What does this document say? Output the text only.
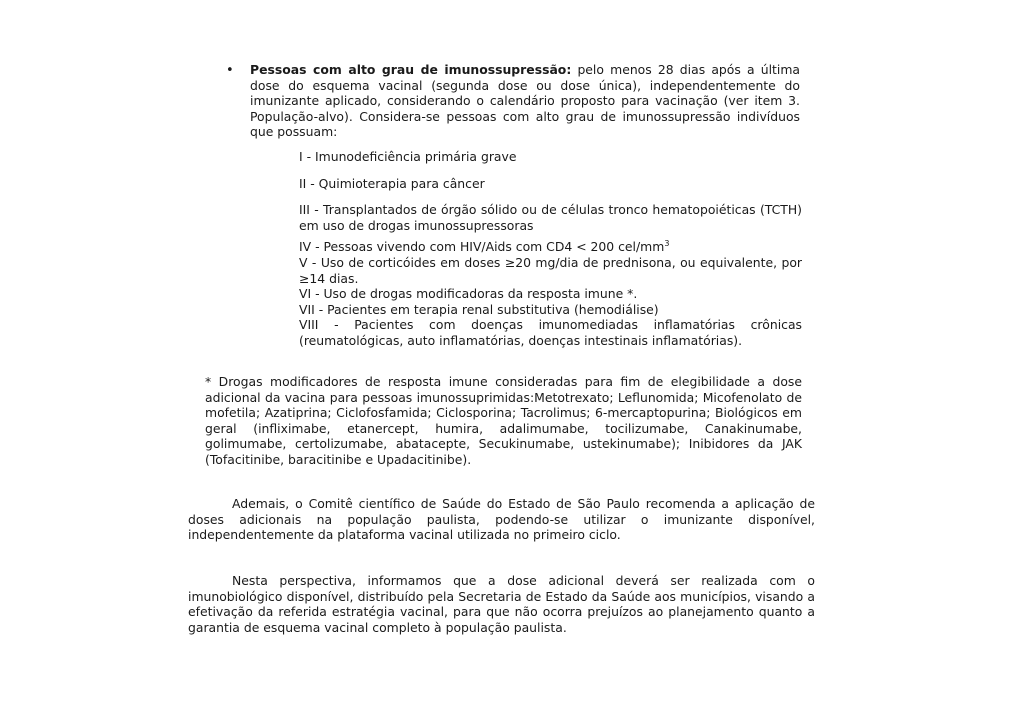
• Pessoas com alto grau de imunossupressão: pelo menos 28 dias após a última dose do esquema vacinal (segunda dose ou dose única), independentemente do imunizante aplicado, considerando o calendário proposto para vacinação (ver item 3. População-alvo). Considera-se pessoas com alto grau de imunossupressão indivíduos que possuam:
I - Imunodeficiência primária grave
II - Quimioterapia para câncer
III - Transplantados de órgão sólido ou de células tronco hematopoiéticas (TCTH) em uso de drogas imunossupressoras
IV - Pessoas vivendo com HIV/Aids com CD4 < 200 cel/$mm^3$
V - Uso de corticóides em doses ≥20 mg/dia de prednisona, ou equivalente, por ≥14 dias.
VI - Uso de drogas modificadoras da resposta imune *.
VII - Pacientes em terapia renal substitutiva (hemodiálise)
VIII - Pacientes com doenças imunomediadas inflamatórias crônicas (reumatológicas, auto inflamatórias, doenças intestinais inflamatórias).

* Drogas modificadores de resposta imune consideradas para fim de elegibilidade a dose adicional da vacina para pessoas imunossuprimidas:Metotrexato; Leflunomida; Micofenolato de mofetila; Azatiprina; Ciclofosfamida; Ciclosporina; Tacrolimus; 6-mercaptopurina; Biológicos em geral (infliximabe, etanercept, humira, adalimumabe, tocilizumabe, Canakinumabe, golimumabe, certolizumabe, abatacepte, Secukinumabe, ustekinumabe); Inibidores da JAK (Tofacitinibe, baracitinibe e Upadacitinibe).

Ademais, o Comitê científico de Saúde do Estado de São Paulo recomenda a aplicação de doses adicionais na população paulista, podendo-se utilizar o imunizante disponível, independentemente da plataforma vacinal utilizada no primeiro ciclo.

Nesta perspectiva, informamos que a dose adicional deverá ser realizada com o imunobiológico disponível, distribuído pela Secretaria de Estado da Saúde aos municípios, visando a efetivação da referida estratégia vacinal, para que não ocorra prejuízos ao planejamento quanto a garantia de esquema vacinal completo à população paulista.
